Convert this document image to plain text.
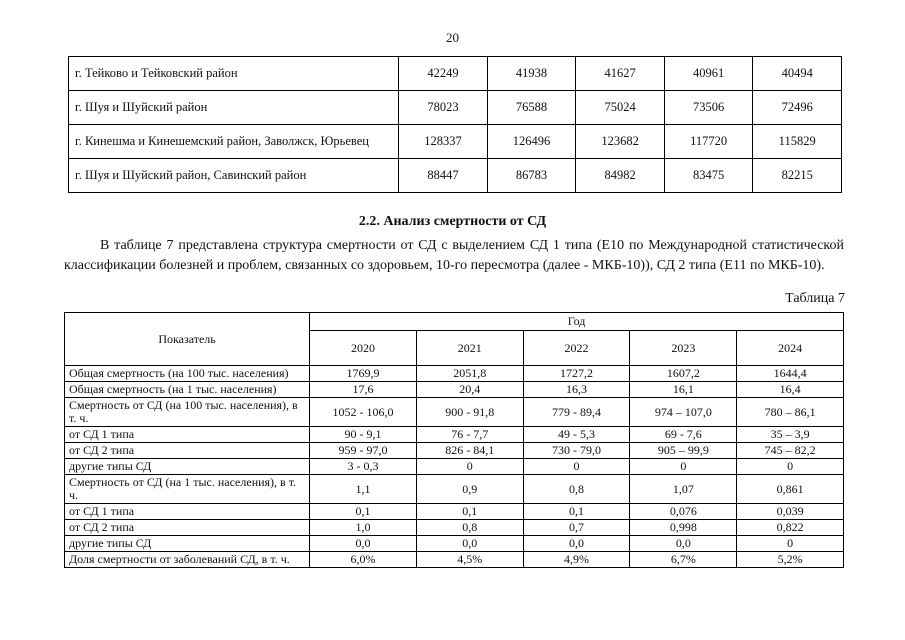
20
г. Тейково и Тейковский район	42249	41938	41627	40961	40494
г. Шуя и Шуйский район	78023	76588	75024	73506	72496
г. Кинешма и Кинешемский район, Заволжск, Юрьевец	128337	126496	123682	117720	115829
г. Шуя и Шуйский район, Савинский район	88447	86783	84982	83475	82215
2.2. Анализ смертности от СД

В таблице 7 представлена структура смертности от СД с выделением СД 1 типа (Е10 по Международной статистической классификации болезней и проблем, связанных со здоровьем, 10-го пересмотра (далее - МКБ-10)), СД 2 типа (Е11 по МКБ-10).

Таблица 7
Показатель	Год				
	2020	2021	2022	2023	2024
Общая смертность (на 100 тыс. населения)	1769,9	2051,8	1727,2	1607,2	1644,4
Общая смертность (на 1 тыс. населения)	17,6	20,4	16,3	16,1	16,4
Смертность от СД (на 100 тыс. населения), в т. ч.	1052 - 106,0	900 - 91,8	779 - 89,4	974 – 107,0	780 – 86,1
от СД 1 типа	90 - 9,1	76 - 7,7	49 - 5,3	69 - 7,6	35 – 3,9
от СД 2 типа	959 - 97,0	826 - 84,1	730 - 79,0	905 – 99,9	745 – 82,2
другие типы СД	3 - 0,3	0	0	0	0
Смертность от СД (на 1 тыс. населения), в т. ч.	1,1	0,9	0,8	1,07	0,861
от СД 1 типа	0,1	0,1	0,1	0,076	0,039
от СД 2 типа	1,0	0,8	0,7	0,998	0,822
другие типы СД	0,0	0,0	0,0	0,0	0
Доля смертности от заболеваний СД, в т. ч.	6,0%	4,5%	4,9%	6,7%	5,2%
